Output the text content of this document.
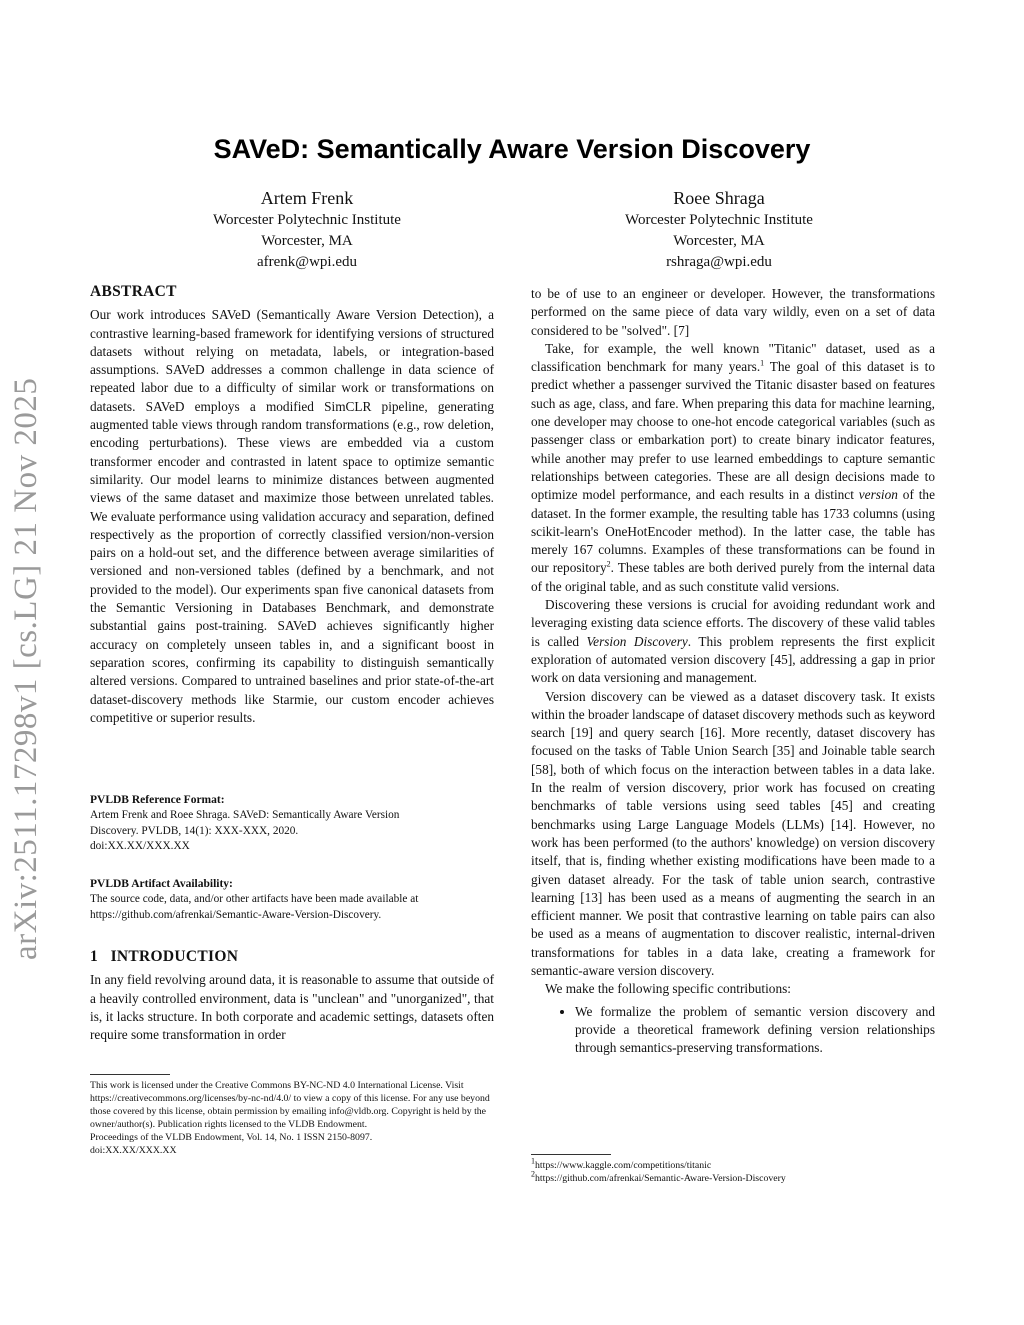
arXiv:2511.17298v1 [cs.LG] 21 Nov 2025
SAVeD: Semantically Aware Version Discovery
Artem Frenk
Worcester Polytechnic Institute
Worcester, MA
afrenk@wpi.edu
Roee Shraga
Worcester Polytechnic Institute
Worcester, MA
rshraga@wpi.edu
ABSTRACT

Our work introduces SAVeD (Semantically Aware Version Detection), a contrastive learning-based framework for identifying versions of structured datasets without relying on metadata, labels, or integration-based assumptions. SAVeD addresses a common challenge in data science of repeated labor due to a difficulty of similar work or transformations on datasets. SAVeD employs a modified SimCLR pipeline, generating augmented table views through random transformations (e.g., row deletion, encoding perturbations). These views are embedded via a custom transformer encoder and contrasted in latent space to optimize semantic similarity. Our model learns to minimize distances between augmented views of the same dataset and maximize those between unrelated tables. We evaluate performance using validation accuracy and separation, defined respectively as the proportion of correctly classified version/non-version pairs on a hold-out set, and the difference between average similarities of versioned and non-versioned tables (defined by a benchmark, and not provided to the model). Our experiments span five canonical datasets from the Semantic Versioning in Databases Benchmark, and demonstrate substantial gains post-training. SAVeD achieves significantly higher accuracy on completely unseen tables in, and a significant boost in separation scores, confirming its capability to distinguish semantically altered versions. Compared to untrained baselines and prior state-of-the-art dataset-discovery methods like Starmie, our custom encoder achieves competitive or superior results.

PVLDB Reference Format:
Artem Frenk and Roee Shraga. SAVeD: Semantically Aware Version
Discovery. PVLDB, 14(1): XXX-XXX, 2020.
doi:XX.XX/XXX.XX
PVLDB Artifact Availability:
The source code, data, and/or other artifacts have been made available at
https://github.com/afrenkai/Semantic-Aware-Version-Discovery.
1 INTRODUCTION

In any field revolving around data, it is reasonable to assume that outside of a heavily controlled environment, data is "unclean" and "unorganized", that is, it lacks structure. In both corporate and academic settings, datasets often require some transformation in order

This work is licensed under the Creative Commons BY-NC-ND 4.0 International License. Visit https://creativecommons.org/licenses/by-nc-nd/4.0/ to view a copy of this license. For any use beyond those covered by this license, obtain permission by emailing info@vldb.org. Copyright is held by the owner/author(s). Publication rights licensed to the VLDB Endowment.
Proceedings of the VLDB Endowment, Vol. 14, No. 1 ISSN 2150-8097.
doi:XX.XX/XXX.XX

to be of use to an engineer or developer. However, the transformations performed on the same piece of data vary wildly, even on a set of data considered to be "solved". [7]

Take, for example, the well known "Titanic" dataset, used as a classification benchmark for many years.$^1$ The goal of this dataset is to predict whether a passenger survived the Titanic disaster based on features such as age, class, and fare. When preparing this data for machine learning, one developer may choose to one-hot encode categorical variables (such as passenger class or embarkation port) to create binary indicator features, while another may prefer to use learned embeddings to capture semantic relationships between categories. These are all design decisions made to optimize model performance, and each results in a distinct version of the dataset. In the former example, the resulting table has 1733 columns (using scikit-learn's OneHotEncoder method). In the latter case, the table has merely 167 columns. Examples of these transformations can be found in our repository$^2$. These tables are both derived purely from the internal data of the original table, and as such constitute valid versions.

Discovering these versions is crucial for avoiding redundant work and leveraging existing data science efforts. The discovery of these valid tables is called Version Discovery. This problem represents the first explicit exploration of automated version discovery [45], addressing a gap in prior work on data versioning and management.

Version discovery can be viewed as a dataset discovery task. It exists within the broader landscape of dataset discovery methods such as keyword search [19] and query search [16]. More recently, dataset discovery has focused on the tasks of Table Union Search [35] and Joinable table search [58], both of which focus on the interaction between tables in a data lake. In the realm of version discovery, prior work has focused on creating benchmarks of table versions using seed tables [45] and creating benchmarks using Large Language Models (LLMs) [14]. However, no work has been performed (to the authors' knowledge) on version discovery itself, that is, finding whether existing modifications have been made to a given dataset already. For the task of table union search, contrastive learning [13] has been used as a means of augmenting the search in an efficient manner. We posit that contrastive learning on table pairs can also be used as a means of augmentation to discover realistic, internal-driven transformations for tables in a data lake, creating a framework for semantic-aware version discovery.

We make the following specific contributions:

• We formalize the problem of semantic version discovery and provide a theoretical framework defining version relationships through semantics-preserving transformations.
$^1$https://www.kaggle.com/competitions/titanic
$^2$https://github.com/afrenkai/Semantic-Aware-Version-Discovery
